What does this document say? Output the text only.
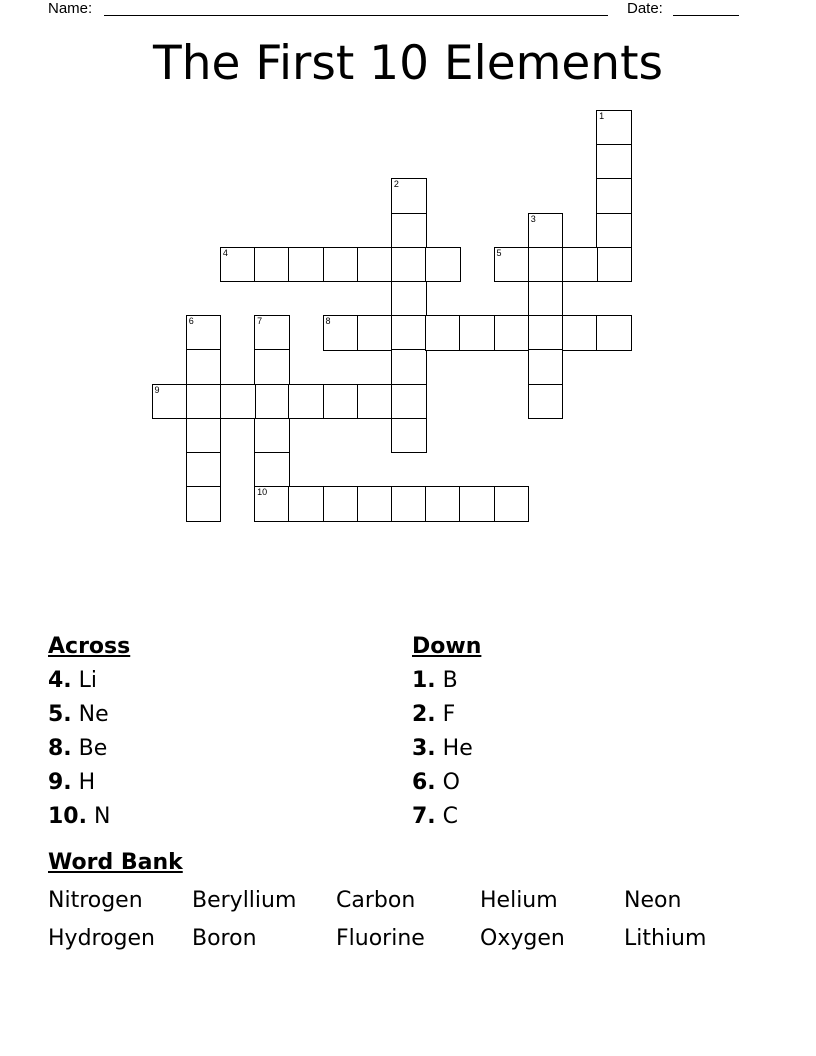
Name:	Date:
The First 10 Elements
1
2
3
4	5
6	7
10
8
9
Across
4. Li
5. Ne
8. Be
9. H
10. N
Down
1. B
2. F
3. He
6. O
7. C
Word Bank
Nitrogen Beryllium Carbon	Helium	Neon
Hydrogen Boron	Fluorine	Oxygen	Lithium
